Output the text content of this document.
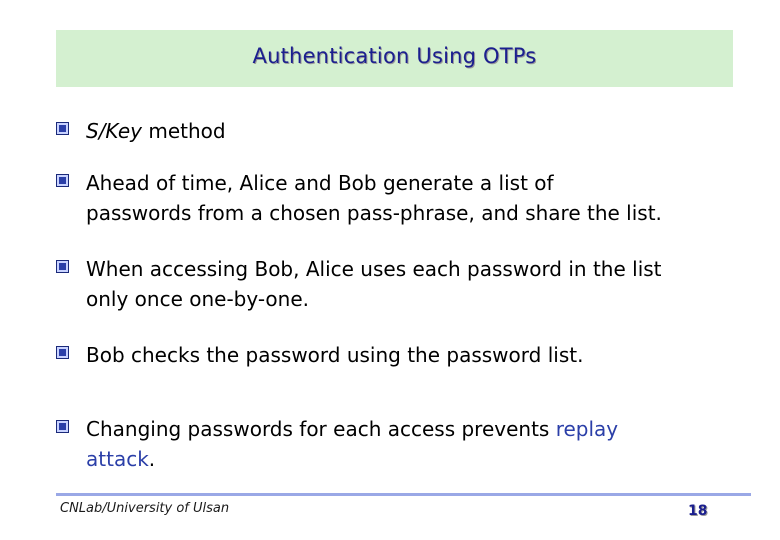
Authentication Using OTPs
S/Key method
Ahead of time, Alice and Bob generate a list of
passwords from a chosen pass-phrase, and share the list.
When accessing Bob, Alice uses each password in the list
only once one-by-one.
Bob checks the password using the password list.
Changing passwords for each access prevents replay
attack.
CNLab/University of Ulsan	18
